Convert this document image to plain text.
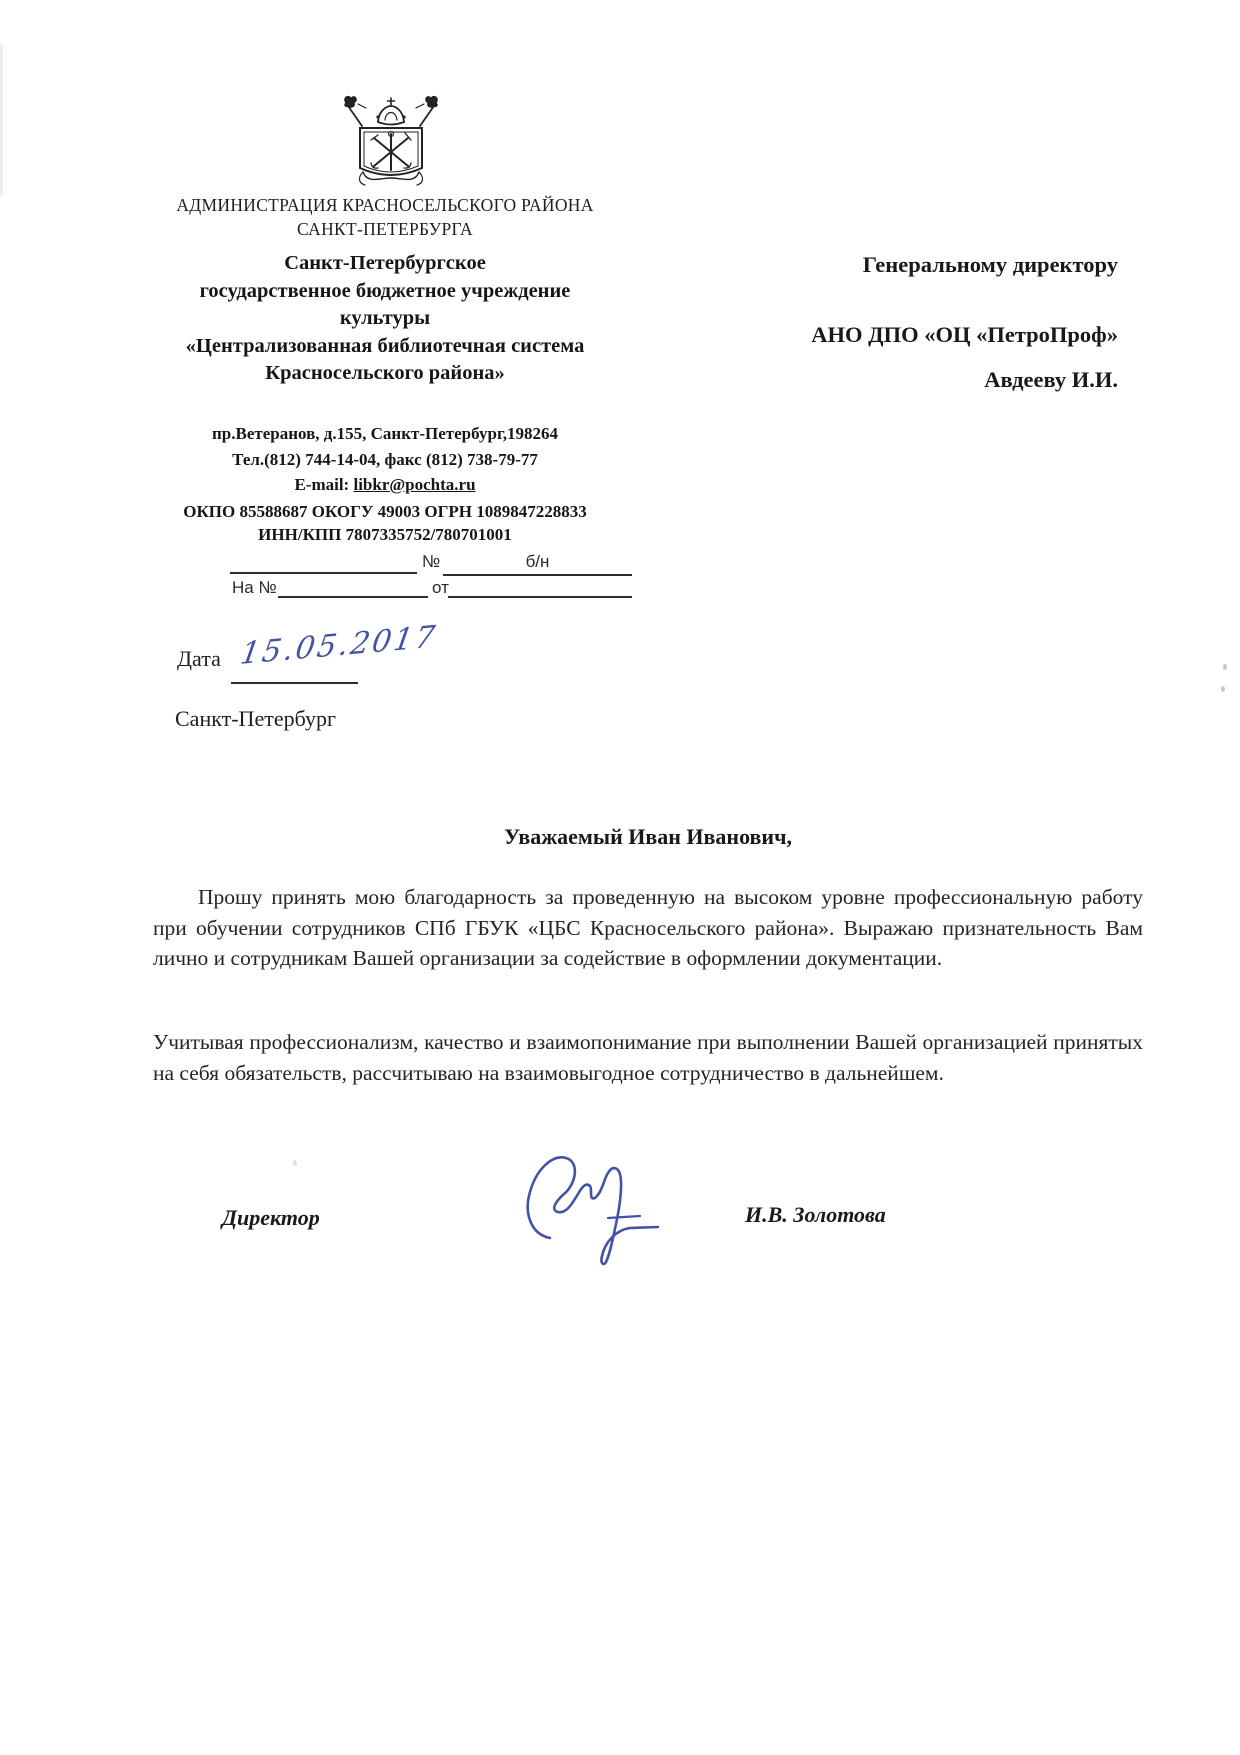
АДМИНИСТРАЦИЯ КРАСНОСЕЛЬСКОГО РАЙОНА
САНКТ-ПЕТЕРБУРГА
Санкт-Петербургское
государственное бюджетное учреждение
культуры
«Централизованная библиотечная система
Красносельского района»
пр.Ветеранов, д.155, Санкт-Петербург,198264
Тел.(812) 744-14-04, факс (812) 738-79-77
E-mail: libkr@pochta.ru
ОКПО 85588687 ОКОГУ 49003 ОГРН 1089847228833
ИНН/КПП 7807335752/780701001
№	б/н
На №	от
Дата 15.05.2017
Санкт-Петербург
Генеральному директору
АНО ДПО «ОЦ «ПетроПроф»
Авдееву И.И.
Уважаемый Иван Иванович,
Прошу принять мою благодарность за проведенную на высоком уровне профессиональную работу при обучении сотрудников СПб ГБУК «ЦБС Красносельского района». Выражаю признательность Вам лично и сотрудникам Вашей организации за содействие в оформлении документации.
Учитывая профессионализм, качество и взаимопонимание при выполнении Вашей организацией принятых на себя обязательств, рассчитываю на взаимовыгодное сотрудничество в дальнейшем.
Директор	И.В. Золотова
